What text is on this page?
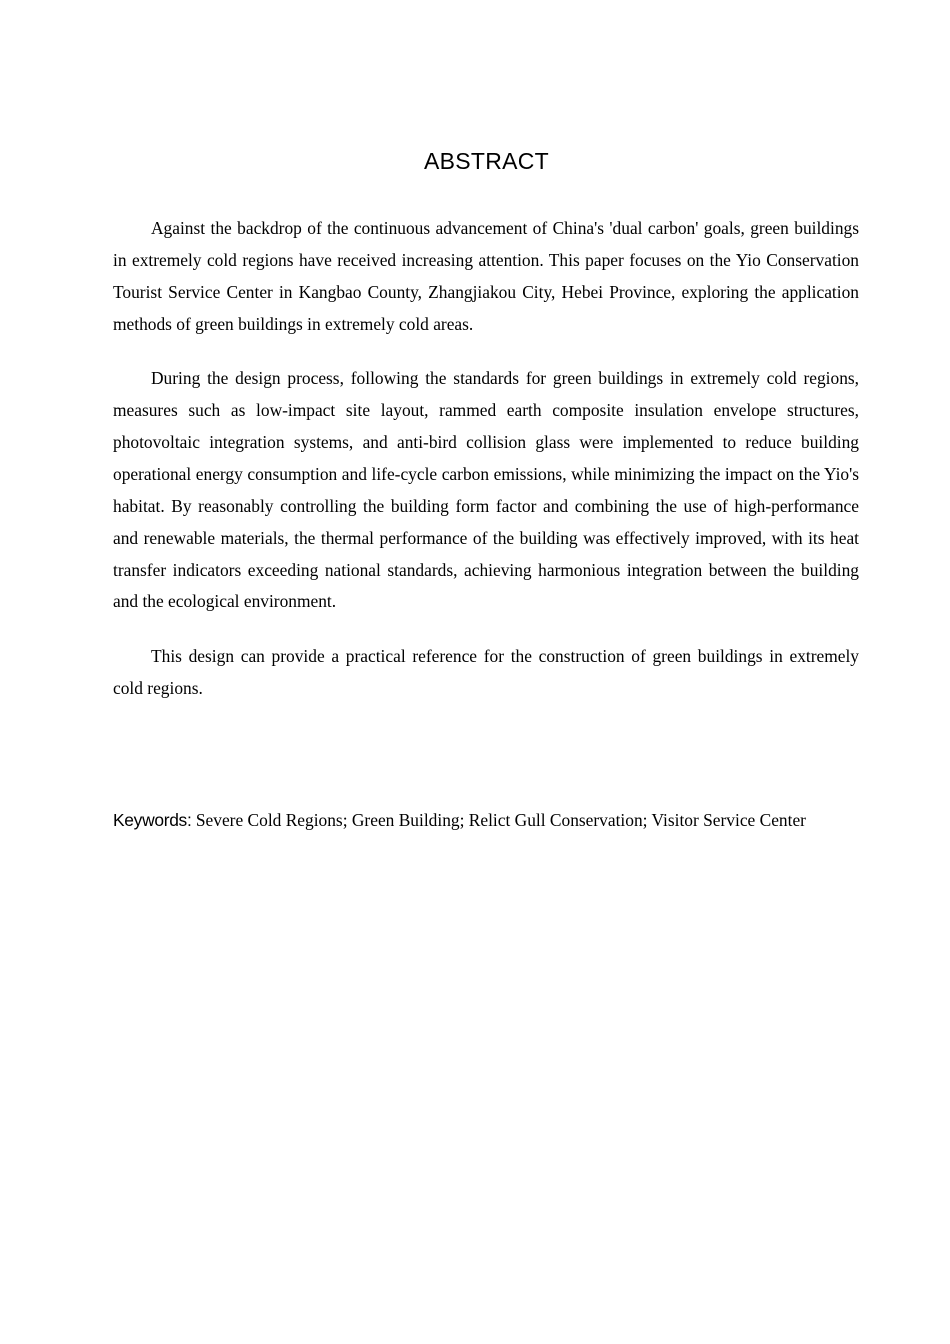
ABSTRACT

Against the backdrop of the continuous advancement of China's 'dual carbon' goals, green buildings in extremely cold regions have received increasing attention. This paper focuses on the Yio Conservation Tourist Service Center in Kangbao County, Zhangjiakou City, Hebei Province, exploring the application methods of green buildings in extremely cold areas.

During the design process, following the standards for green buildings in extremely cold regions, measures such as low-impact site layout, rammed earth composite insulation envelope structures, photovoltaic integration systems, and anti-bird collision glass were implemented to reduce building operational energy consumption and life-cycle carbon emissions, while minimizing the impact on the Yio's habitat. By reasonably controlling the building form factor and combining the use of high-performance and renewable materials, the thermal performance of the building was effectively improved, with its heat transfer indicators exceeding national standards, achieving harmonious integration between the building and the ecological environment.

This design can provide a practical reference for the construction of green buildings in extremely cold regions.

Keywords: Severe Cold Regions; Green Building; Relict Gull Conservation; Visitor Service Center
